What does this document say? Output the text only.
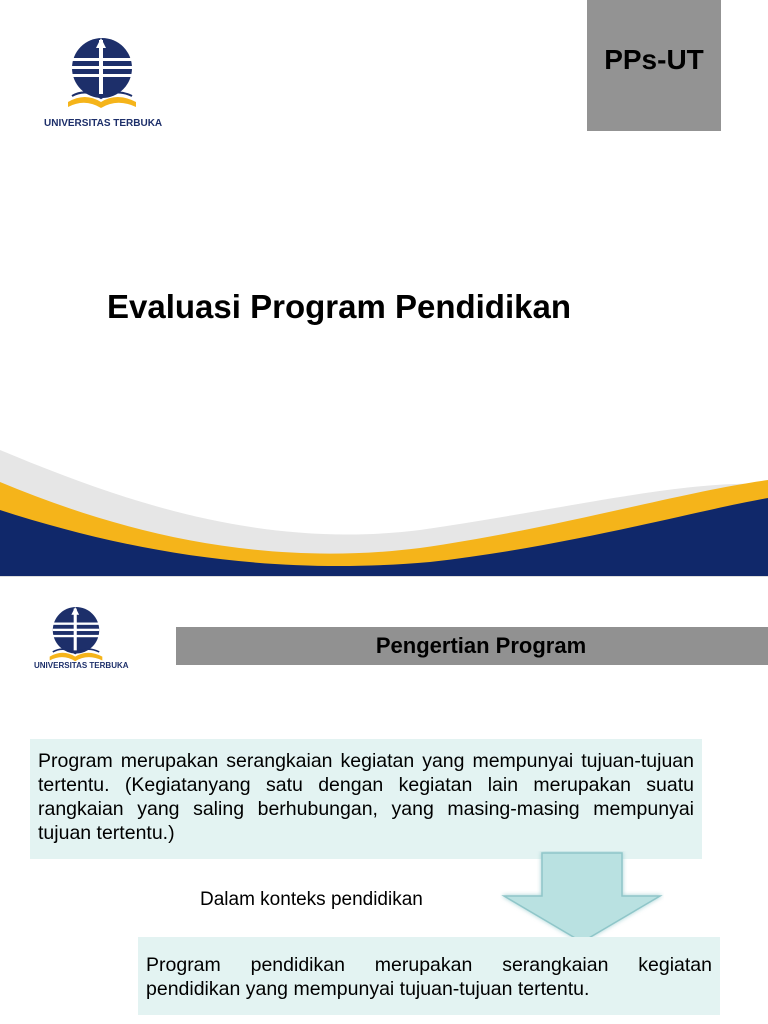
UNIVERSITAS TERBUKA
PPs-UT
Evaluasi Program Pendidikan
UNIVERSITAS TERBUKA
Pengertian Program
Program merupakan serangkaian kegiatan yang mempunyai tujuan-tujuan tertentu. (Kegiatanyang satu dengan kegiatan lain merupakan suatu rangkaian yang saling berhubungan, yang masing-masing mempunyai tujuan tertentu.)
Dalam konteks pendidikan
Program pendidikan merupakan serangkaian kegiatan pendidikan yang mempunyai tujuan-tujuan tertentu.
